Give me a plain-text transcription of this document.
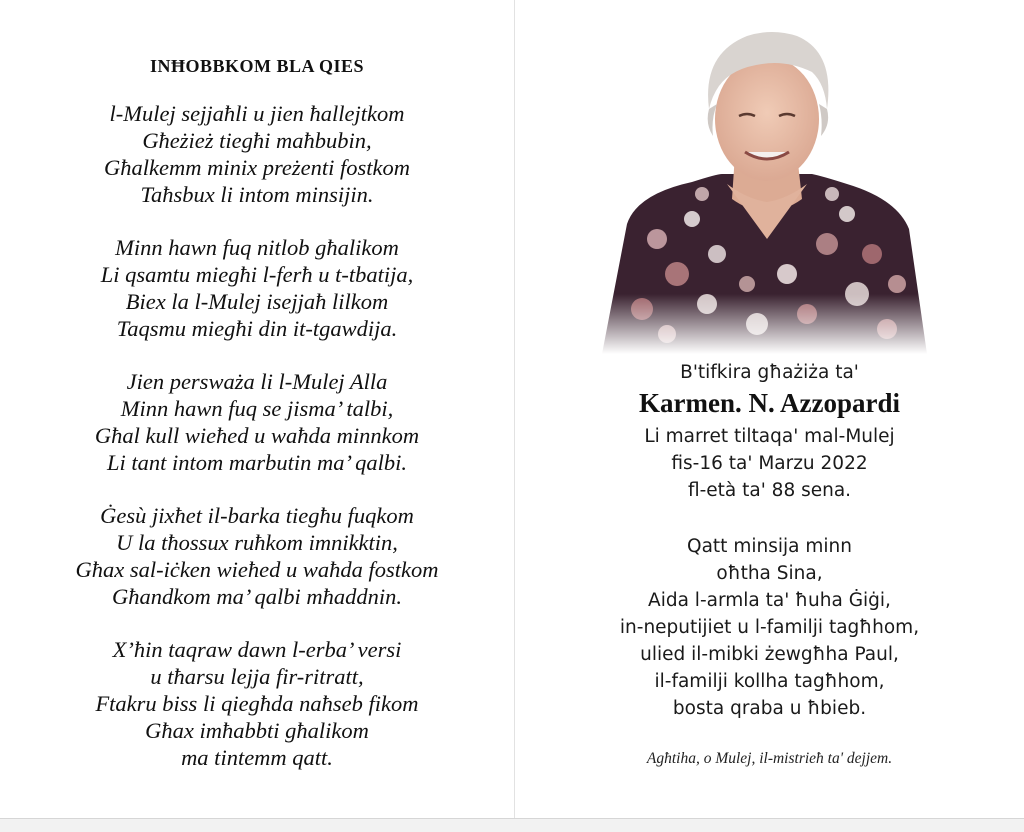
INĦOBBKOM BLA QIES
l-Mulej sejjaħli u jien ħallejtkom
Għeżież tiegħi maħbubin,
Għalkemm minix preżenti fostkom
Taħsbux li intom minsijin.
Minn hawn fuq nitlob għalikom
Li qsamtu miegħi l-ferħ u t-tbatija,
Biex la l-Mulej isejjaħ lilkom
Taqsmu miegħi din it-tgawdija.
Jien persważa li l-Mulej Alla
Minn hawn fuq se jisma’ talbi,
Għal kull wieħed u waħda minnkom
Li tant intom marbutin ma’ qalbi.
Ġesù jixħet il-barka tiegħu fuqkom
U la tħossux ruħkom imnikktin,
Għax sal-iċken wieħed u waħda fostkom
Għandkom ma’ qalbi mħaddnin.
X’ħin taqraw dawn l-erba’ versi
u tħarsu lejja fir-ritratt,
Ftakru biss li qiegħda naħseb fikom
Għax imħabbti għalikom
ma tintemm qatt.
B'tifkira għażiża ta'
Karmen. N. Azzopardi
Li marret tiltaqa' mal-Mulej
fis-16 ta' Marzu 2022
fl-età ta' 88 sena.
Qatt minsija minn
oħtha Sina,
Aida l-armla ta' ħuha Ġiġi,
in-neputijiet u l-familji tagħhom,
ulied il-mibki żewgħha Paul,
il-familji kollha tagħhom,
bosta qraba u ħbieb.
Agħtiha, o Mulej, il-mistrieħ ta' dejjem.
